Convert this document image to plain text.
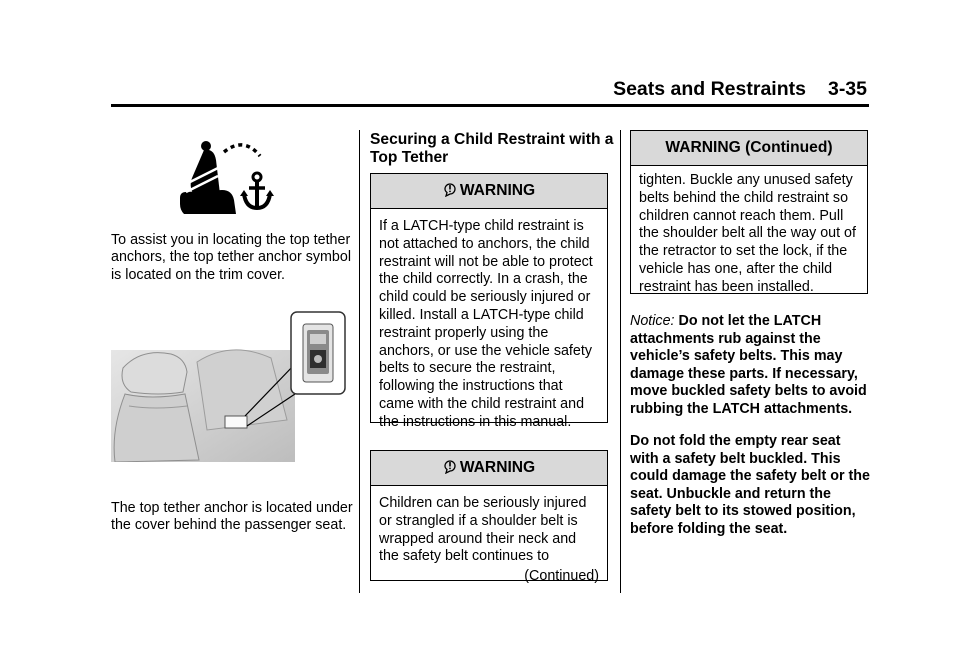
Seats and Restraints 3-35
To assist you in locating the top tether anchors, the top tether anchor symbol is located on the trim cover.
The top tether anchor is located under the cover behind the passenger seat.
Securing a Child Restraint with a Top Tether
WARNING
If a LATCH-type child restraint is not attached to anchors, the child restraint will not be able to protect the child correctly. In a crash, the child could be seriously injured or killed. Install a LATCH-type child restraint properly using the anchors, or use the vehicle safety belts to secure the restraint, following the instructions that came with the child restraint and the instructions in this manual.
WARNING
Children can be seriously injured or strangled if a shoulder belt is wrapped around their neck and the safety belt continues to
(Continued)
WARNING (Continued)
tighten. Buckle any unused safety belts behind the child restraint so children cannot reach them. Pull the shoulder belt all the way out of the retractor to set the lock, if the vehicle has one, after the child restraint has been installed.
Notice: Do not let the LATCH attachments rub against the vehicle’s safety belts. This may damage these parts. If necessary, move buckled safety belts to avoid rubbing the LATCH attachments.
Do not fold the empty rear seat with a safety belt buckled. This could damage the safety belt or the seat. Unbuckle and return the safety belt to its stowed position, before folding the seat.
